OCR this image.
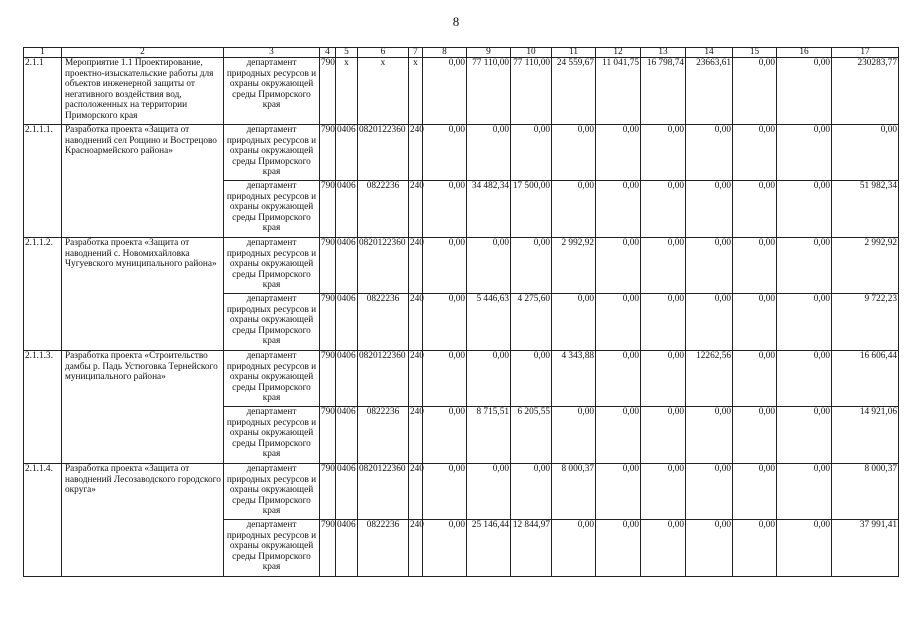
8
1	2	3	4	5	6	7	8	9	10	11	12	13	14	15	16	17
2.1.1	Мероприятие 1.1 Проектирование, проектно-изыскательские работы для объектов инженерной защиты от негативного воздействия вод, расположенных на территории Приморского края	департамент природных ресурсов и охраны окружающей среды Приморского края	790	х	х	х	0,00	77 110,00	77 110,00	24 559,67	11 041,75	16 798,74	23663,61	0,00	0,00	230283,77
2.1.1.1.	Разработка проекта «Защита от наводнений сел Рощино и Вострецово Красноармейского района»	департамент природных ресурсов и охраны окружающей среды Приморского края	790	0406	0820122360	240	0,00	0,00	0,00	0,00	0,00	0,00	0,00	0,00	0,00	0,00
		департамент природных ресурсов и охраны окружающей среды Приморского края	790	0406	0822236	240	0,00	34 482,34	17 500,00	0,00	0,00	0,00	0,00	0,00	0,00	51 982,34
2.1.1.2.	Разработка проекта «Защита от наводнений с. Новомихайловка Чугуевского муниципального района»	департамент природных ресурсов и охраны окружающей среды Приморского края	790	0406	0820122360	240	0,00	0,00	0,00	2 992,92	0,00	0,00	0,00	0,00	0,00	2 992,92
		департамент природных ресурсов и охраны окружающей среды Приморского края	790	0406	0822236	240	0,00	5 446,63	4 275,60	0,00	0,00	0,00	0,00	0,00	0,00	9 722,23
2.1.1.3.	Разработка проекта «Строительство дамбы р. Падь Устюговка Тернейского муниципального района»	департамент природных ресурсов и охраны окружающей среды Приморского края	790	0406	0820122360	240	0,00	0,00	0,00	4 343,88	0,00	0,00	12262,56	0,00	0,00	16 606,44
		департамент природных ресурсов и охраны окружающей среды Приморского края	790	0406	0822236	240	0,00	8 715,51	6 205,55	0,00	0,00	0,00	0,00	0,00	0,00	14 921,06
2.1.1.4.	Разработка проекта «Защита от наводнений Лесозаводского городского округа»	департамент природных ресурсов и охраны окружающей среды Приморского края	790	0406	0820122360	240	0,00	0,00	0,00	8 000,37	0,00	0,00	0,00	0,00	0,00	8 000,37
		департамент природных ресурсов и охраны окружающей среды Приморского края	790	0406	0822236	240	0,00	25 146,44	12 844,97	0,00	0,00	0,00	0,00	0,00	0,00	37 991,41
